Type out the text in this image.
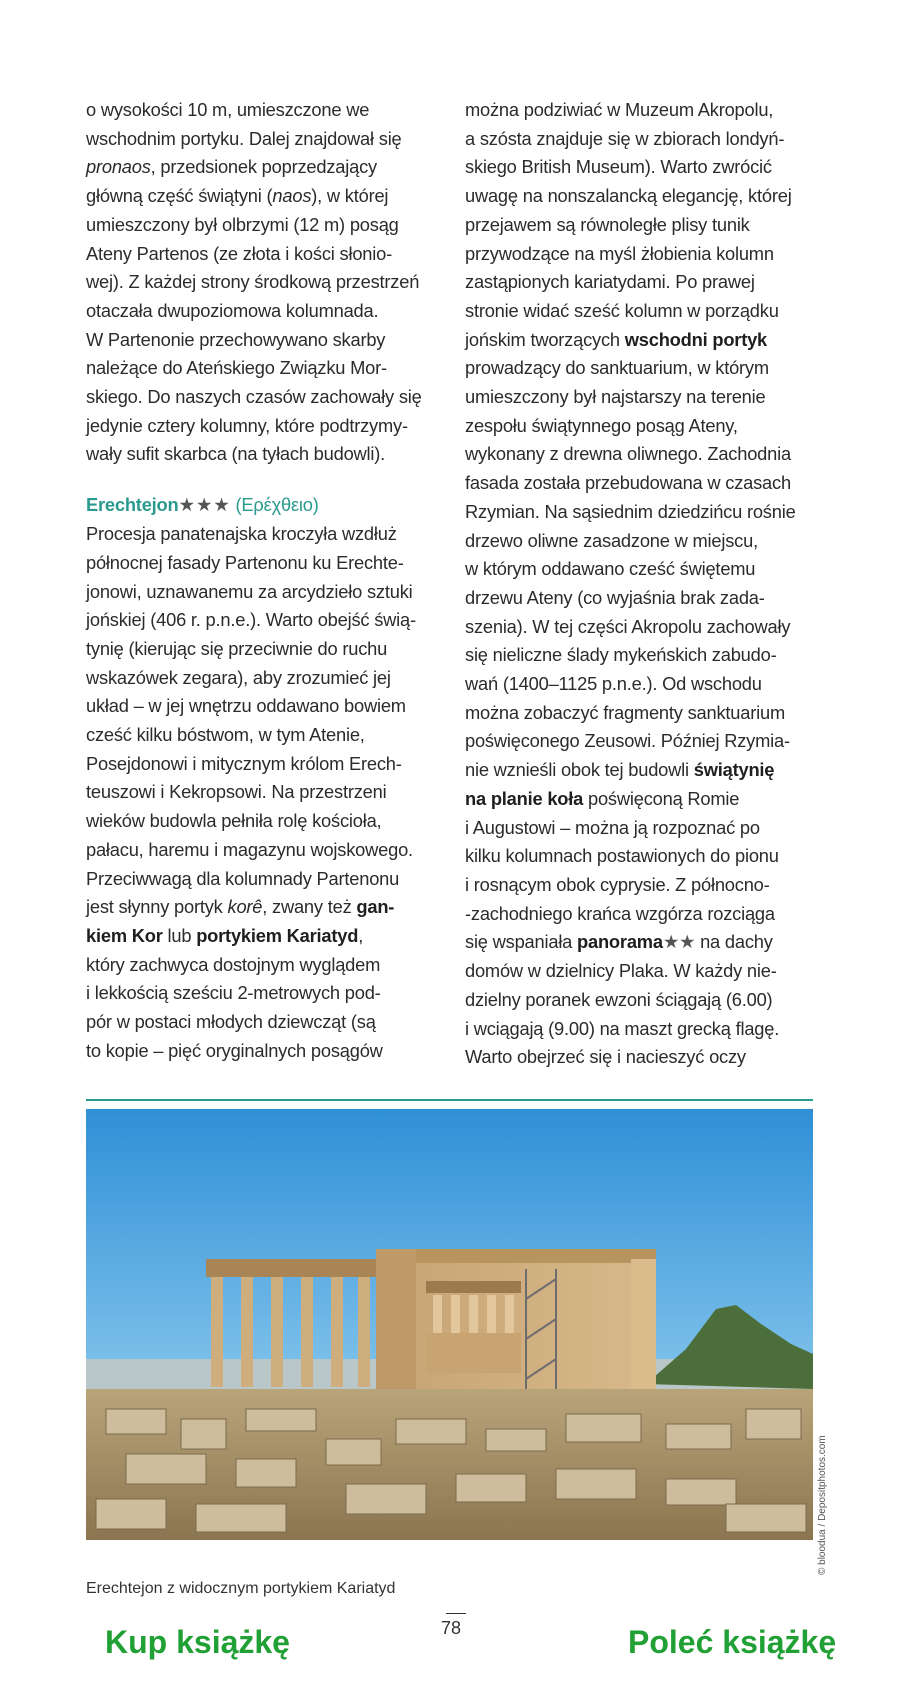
o wysokości 10 m, umieszczone we
wschodnim portyku. Dalej znajdował się
pronaos, przedsionek poprzedzający
główną część świątyni (naos), w której
umieszczony był olbrzymi (12 m) posąg
Ateny Partenos (ze złota i kości słonio-
wej). Z każdej strony środkową przestrzeń
otaczała dwupoziomowa kolumnada.
W Partenonie przechowywano skarby
należące do Ateńskiego Związku Mor-
skiego. Do naszych czasów zachowały się
jedynie cztery kolumny, które podtrzymy-
wały sufit skarbca (na tyłach budowli).

Erechtejon★★★ (Ερέχθειο)

Procesja panatenajska kroczyła wzdłuż
północnej fasady Partenonu ku Erechte-
jonowi, uznawanemu za arcydzieło sztuki
jońskiej (406 r. p.n.e.). Warto obejść świą-
tynię (kierując się przeciwnie do ruchu
wskazówek zegara), aby zrozumieć jej
układ – w jej wnętrzu oddawano bowiem
cześć kilku bóstwom, w tym Atenie,
Posejdonowi i mitycznym królom Erech-
teuszowi i Kekropsowi. Na przestrzeni
wieków budowla pełniła rolę kościoła,
pałacu, haremu i magazynu wojskowego.
Przeciwwagą dla kolumnady Partenonu
jest słynny portyk korê, zwany też gan-
kiem Kor lub portykiem Kariatyd,
który zachwyca dostojnym wyglądem
i lekkością sześciu 2-metrowych pod-
pór w postaci młodych dziewcząt (są
to kopie – pięć oryginalnych posągów

można podziwiać w Muzeum Akropolu,
a szósta znajduje się w zbiorach londyń-
skiego British Museum). Warto zwrócić
uwagę na nonszalancką elegancję, której
przejawem są równoległe plisy tunik
przywodzące na myśl żłobienia kolumn
zastąpionych kariatydami. Po prawej
stronie widać sześć kolumn w porządku
jońskim tworzących wschodni portyk
prowadzący do sanktuarium, w którym
umieszczony był najstarszy na terenie
zespołu świątynnego posąg Ateny,
wykonany z drewna oliwnego. Zachodnia
fasada została przebudowana w czasach
Rzymian. Na sąsiednim dziedzińcu rośnie
drzewo oliwne zasadzone w miejscu,
w którym oddawano cześć świętemu
drzewu Ateny (co wyjaśnia brak zada-
szenia). W tej części Akropolu zachowały
się nieliczne ślady mykeńskich zabudo-
wań (1400–1125 p.n.e.). Od wschodu
można zobaczyć fragmenty sanktuarium
poświęconego Zeusowi. Później Rzymia-
nie wznieśli obok tej budowli świątynię
na planie koła poświęconą Romie
i Augustowi – można ją rozpoznać po
kilku kolumnach postawionych do pionu
i rosnącym obok cyprysie. Z północno-
-zachodniego krańca wzgórza rozciąga
się wspaniała panorama★★ na dachy
domów w dzielnicy Plaka. W każdy nie-
dzielny poranek ewzoni ściągają (6.00)
i wciągają (9.00) na maszt grecką flagę.
Warto obejrzeć się i nacieszyć oczy

© bloodua / Depositphotos.com
Erechtejon z widocznym portykiem Kariatyd
78
Kup książkę	Poleć książkę
